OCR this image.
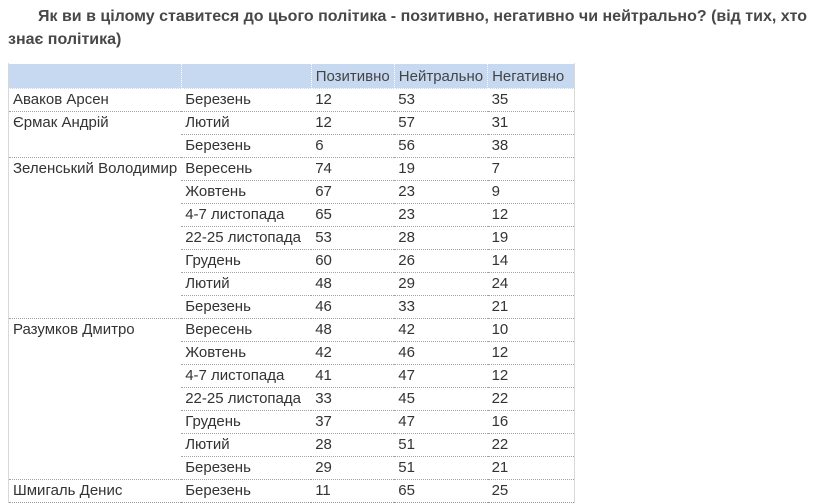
Як ви в цілому ставитеся до цього політика - позитивно, негативно чи нейтрально? (від тих, хто знає політика)

		Позитивно	Нейтрально	Негативно
Аваков Арсен	Березень	12	53	35
Єрмак Андрій	Лютий	12	57	31
	Березень	6	56	38
Зеленський Володимир	Вересень	74	19	7
	Жовтень	67	23	9
	4-7 листопада	65	23	12
	22-25 листопада	53	28	19
	Грудень	60	26	14
	Лютий	48	29	24
	Березень	46	33	21
Разумков Дмитро	Вересень	48	42	10
	Жовтень	42	46	12
	4-7 листопада	41	47	12
	22-25 листопада	33	45	22
	Грудень	37	47	16
	Лютий	28	51	22
	Березень	29	51	21
Шмигаль Денис	Березень	11	65	25
